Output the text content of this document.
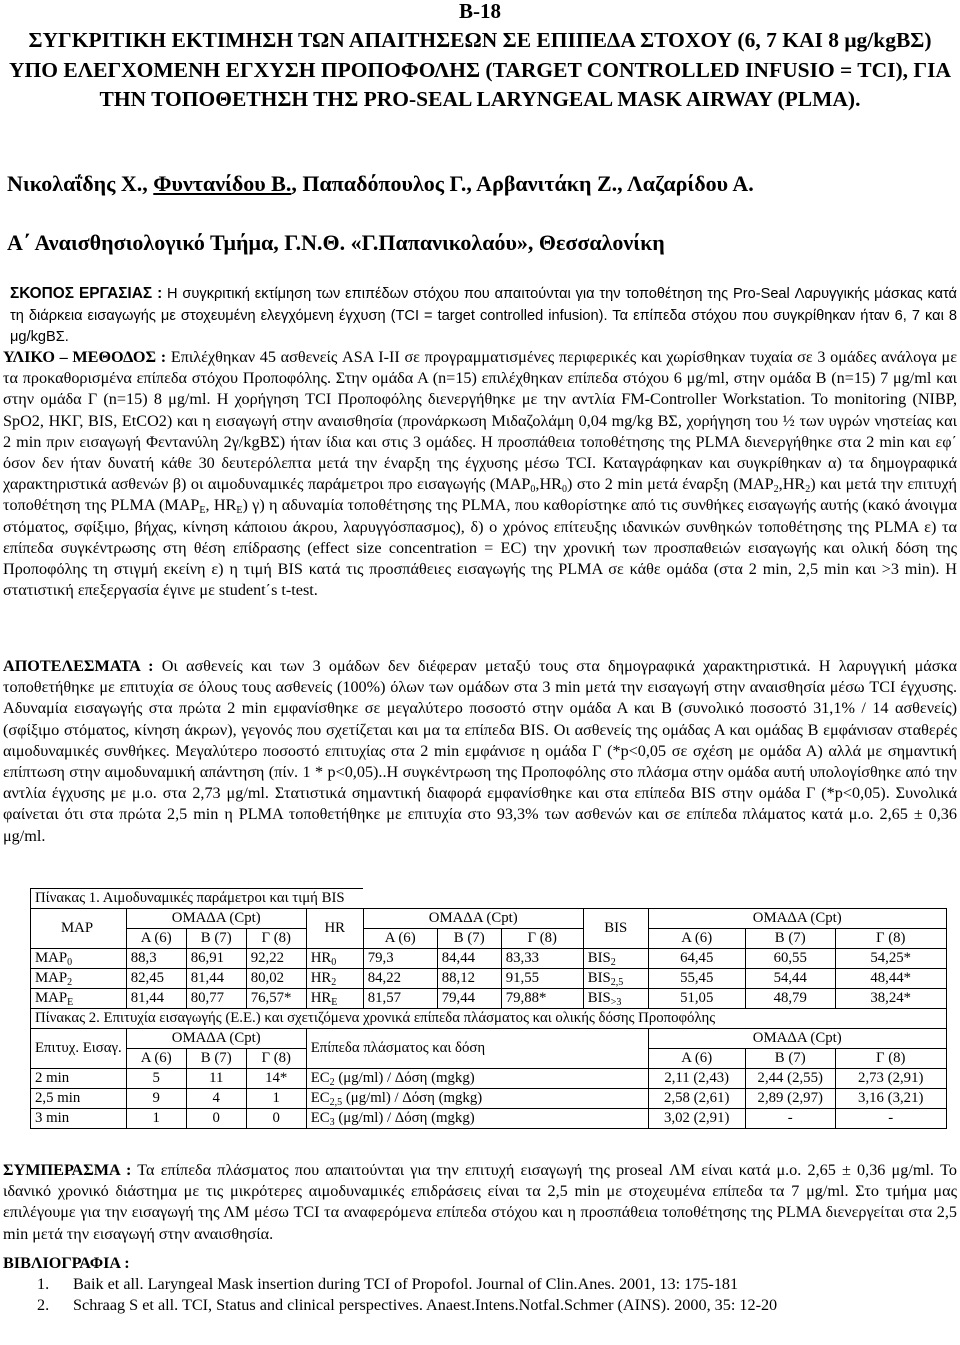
B-18
ΣΥΓΚΡΙΤΙΚΗ ΕΚΤΙΜΗΣΗ ΤΩΝ ΑΠΑΙΤΗΣΕΩΝ ΣΕ ΕΠΙΠΕΔΑ ΣΤΟΧΟΥ (6, 7 ΚΑΙ 8 μg/kgΒΣ) ΥΠΟ ΕΛΕΓΧΟΜΕΝΗ ΕΓΧΥΣΗ ΠΡΟΠΟΦΟΛΗΣ (TARGET CONTROLLED INFUSIO = TCI), ΓΙΑ ΤΗΝ ΤΟΠΟΘΕΤΗΣΗ ΤΗΣ PRO-SEAL LARYNGEAL MASK AIRWAY (PLMA).
Νικολαΐδης Χ., Φυντανίδου Β., Παπαδόπουλος Γ., Αρβανιτάκη Ζ., Λαζαρίδου Α.
Α΄ Αναισθησιολογικό Τμήμα, Γ.Ν.Θ. «Γ.Παπανικολαόυ», Θεσσαλονίκη
ΣΚΟΠΟΣ ΕΡΓΑΣΙΑΣ : Η συγκριτική εκτίμηση των επιπέδων στόχου που απαιτούνται για την τοποθέτηση της Pro-Seal Λαρυγγικής μάσκας κατά τη διάρκεια εισαγωγής με στοχευμένη ελεγχόμενη έγχυση (TCI = target controlled infusion). Τα επίπεδα στόχου που συγκρίθηκαν ήταν 6, 7 και 8 μg/kgΒΣ.
ΥΛΙΚΟ – ΜΕΘΟΔΟΣ : Επιλέχθηκαν 45 ασθενείς ASA I-II σε προγραμματισμένες περιφερικές και χωρίσθηκαν τυχαία σε 3 ομάδες ανάλογα με τα προκαθορισμένα επίπεδα στόχου Προποφόλης. Στην ομάδα Α (n=15) επιλέχθηκαν επίπεδα στόχου 6 μg/ml, στην ομάδα Β (n=15) 7 μg/ml και στην ομάδα Γ (n=15) 8 μg/ml. Η χορήγηση TCI Προποφόλης διενεργήθηκε με την αντλία FM-Controller Workstation. To monitoring (NIBP, SpO2, ΗΚΓ, BIS, EtCO2) και η εισαγωγή στην αναισθησία (προνάρκωση Μιδαζολάμη 0,04 mg/kg ΒΣ, χορήγηση του ½ των υγρών νηστείας και 2 min πριν εισαγωγή Φεντανύλη 2γ/kgΒΣ) ήταν ίδια και στις 3 ομάδες. Η προσπάθεια τοποθέτησης της PLMA διενεργήθηκε στα 2 min και εφ΄ όσον δεν ήταν δυνατή κάθε 30 δευτερόλεπτα μετά την έναρξη της έγχυσης μέσω TCI. Καταγράφηκαν και συγκρίθηκαν α) τα δημογραφικά χαρακτηριστικά ασθενών β) οι αιμοδυναμικές παράμετροι προ εισαγωγής $(MAP_0,HR_0)$ στο 2 min μετά έναρξη $(MAP_2,HR_2)$ και μετά την επιτυχή τοποθέτηση της PLMA ($MAP_E$, $HR_E$) γ) η αδυναμία τοποθέτησης της PLMA, που καθορίστηκε από τις συνθήκες εισαγωγής αυτής (κακό άνοιγμα στόματος, σφίξιμο, βήχας, κίνηση κάποιου άκρου, λαρυγγόσπασμος), δ) ο χρόνος επίτευξης ιδανικών συνθηκών τοποθέτησης της PLMA ε) τα επίπεδα συγκέντρωσης στη θέση επίδρασης (effect size concentration = EC) την χρονική των προσπαθειών εισαγωγής και ολική δόση της Προποφόλης τη στιγμή εκείνη ε) η τιμή BIS κατά τις προσπάθειες εισαγωγής της PLMA σε κάθε ομάδα (στα 2 min, 2,5 min και >3 min). Η στατιστική επεξεργασία έγινε με student΄s t-test.
ΑΠΟΤΕΛΕΣΜΑΤΑ : Οι ασθενείς και των 3 ομάδων δεν διέφεραν μεταξύ τους στα δημογραφικά χαρακτηριστικά. Η λαρυγγική μάσκα τοποθετήθηκε με επιτυχία σε όλους τους ασθενείς (100%) όλων των ομάδων στα 3 min μετά την εισαγωγή στην αναισθησία μέσω TCI έγχυσης. Αδυναμία εισαγωγής στα πρώτα 2 min εμφανίσθηκε σε μεγαλύτερο ποσοστό στην ομάδα Α και Β (συνολικό ποσοστό 31,1% / 14 ασθενείς) (σφίξιμο στόματος, κίνηση άκρων), γεγονός που σχετίζεται και μα τα επίπεδα BIS. Οι ασθενείς της ομάδας Α και ομάδας Β εμφάνισαν σταθερές αιμοδυναμικές συνθήκες. Μεγαλύτερο ποσοστό επιτυχίας στα 2 min εμφάνισε η ομάδα Γ (*p<0,05 σε σχέση με ομάδα Α) αλλά με σημαντική επίπτωση στην αιμοδυναμική απάντηση (πίν. 1 * p<0,05)..Η συγκέντρωση της Προποφόλης στο πλάσμα στην ομάδα αυτή υπολογίσθηκε από την αντλία έγχυσης με μ.ο. στα 2,73 μg/ml. Στατιστικά σημαντική διαφορά εμφανίσθηκε και στα επίπεδα BIS στην ομάδα Γ (*p<0,05). Συνολικά φαίνεται ότι στα πρώτα 2,5 min η PLMA τοποθετήθηκε με επιτυχία στο 93,3% των ασθενών και σε επίπεδα πλάματος κατά μ.ο. 2,65 ± 0,36 μg/ml.
Πίνακας 1. Αιμοδυναμικές παράμετροι και τιμή BIS											
MAP	ΟΜΑΔΑ (Cpt)			HR	ΟΜΑΔΑ (Cpt)			BIS	ΟΜΑΔΑ (Cpt)		
	Α (6)	Β (7)	Γ (8)		Α (6)	Β (7)	Γ (8)		Α (6)	Β (7)	Γ (8)
$MAP_0$	88,3	86,91	92,22	$HR_0$	79,3	84,44	83,33	$BIS_2$	64,45	60,55	54,25*
$MAP_2$	82,45	81,44	80,02	$HR_2$	84,22	88,12	91,55	$BIS_{2,5}$	55,45	54,44	48,44*
$MAP_E$	81,44	80,77	76,57*	$HR_E$	81,57	79,44	79,88*	$BIS_{>3}$	51,05	48,79	38,24*
Πίνακας 2. Επιτυχία εισαγωγής (Ε.Ε.) και σχετιζόμενα χρονικά επίπεδα πλάσματος και ολικής δόσης Προποφόλης											
Επιτυχ. Εισαγ.	ΟΜΑΔΑ (Cpt)			Επίπεδα πλάσματος και δόση					ΟΜΑΔΑ (Cpt)		
	Α (6)	Β (7)	Γ (8)						Α (6)	Β (7)	Γ (8)
2 min	5	11	14*	$EC_2$ (μg/ml) / Δόση (mgkg)					2,11 (2,43)	2,44 (2,55)	2,73 (2,91)
2,5 min	9	4	1	$EC_{2,5}$ (μg/ml) / Δόση (mgkg)					2,58 (2,61)	2,89 (2,97)	3,16 (3,21)
3 min	1	0	0	$EC_3$ (μg/ml) / Δόση (mgkg)					3,02 (2,91)	-	-
ΣΥΜΠΕΡΑΣΜΑ : Τα επίπεδα πλάσματος που απαιτούνται για την επιτυχή εισαγωγή της proseal ΛΜ είναι κατά μ.ο. 2,65 ± 0,36 μg/ml. Το ιδανικό χρονικό διάστημα με τις μικρότερες αιμοδυναμικές επιδράσεις είναι τα 2,5 min με στοχευμένα επίπεδα τα 7 μg/ml. Στο τμήμα μας επιλέγουμε για την εισαγωγή της ΛΜ μέσω TCI τα αναφερόμενα επίπεδα στόχου και η προσπάθεια τοποθέτησης της PLMA διενεργείται στα 2,5 min μετά την εισαγωγή στην αναισθησία.
ΒΙΒΛΙΟΓΡΑΦΙΑ :
1. Baik et all. Laryngeal Mask insertion during TCI of Propofol. Journal of Clin.Anes. 2001, 13: 175-181
2. Schraag S et all. TCI, Status and clinical perspectives. Anaest.Intens.Notfal.Schmer (AINS). 2000, 35: 12-20
